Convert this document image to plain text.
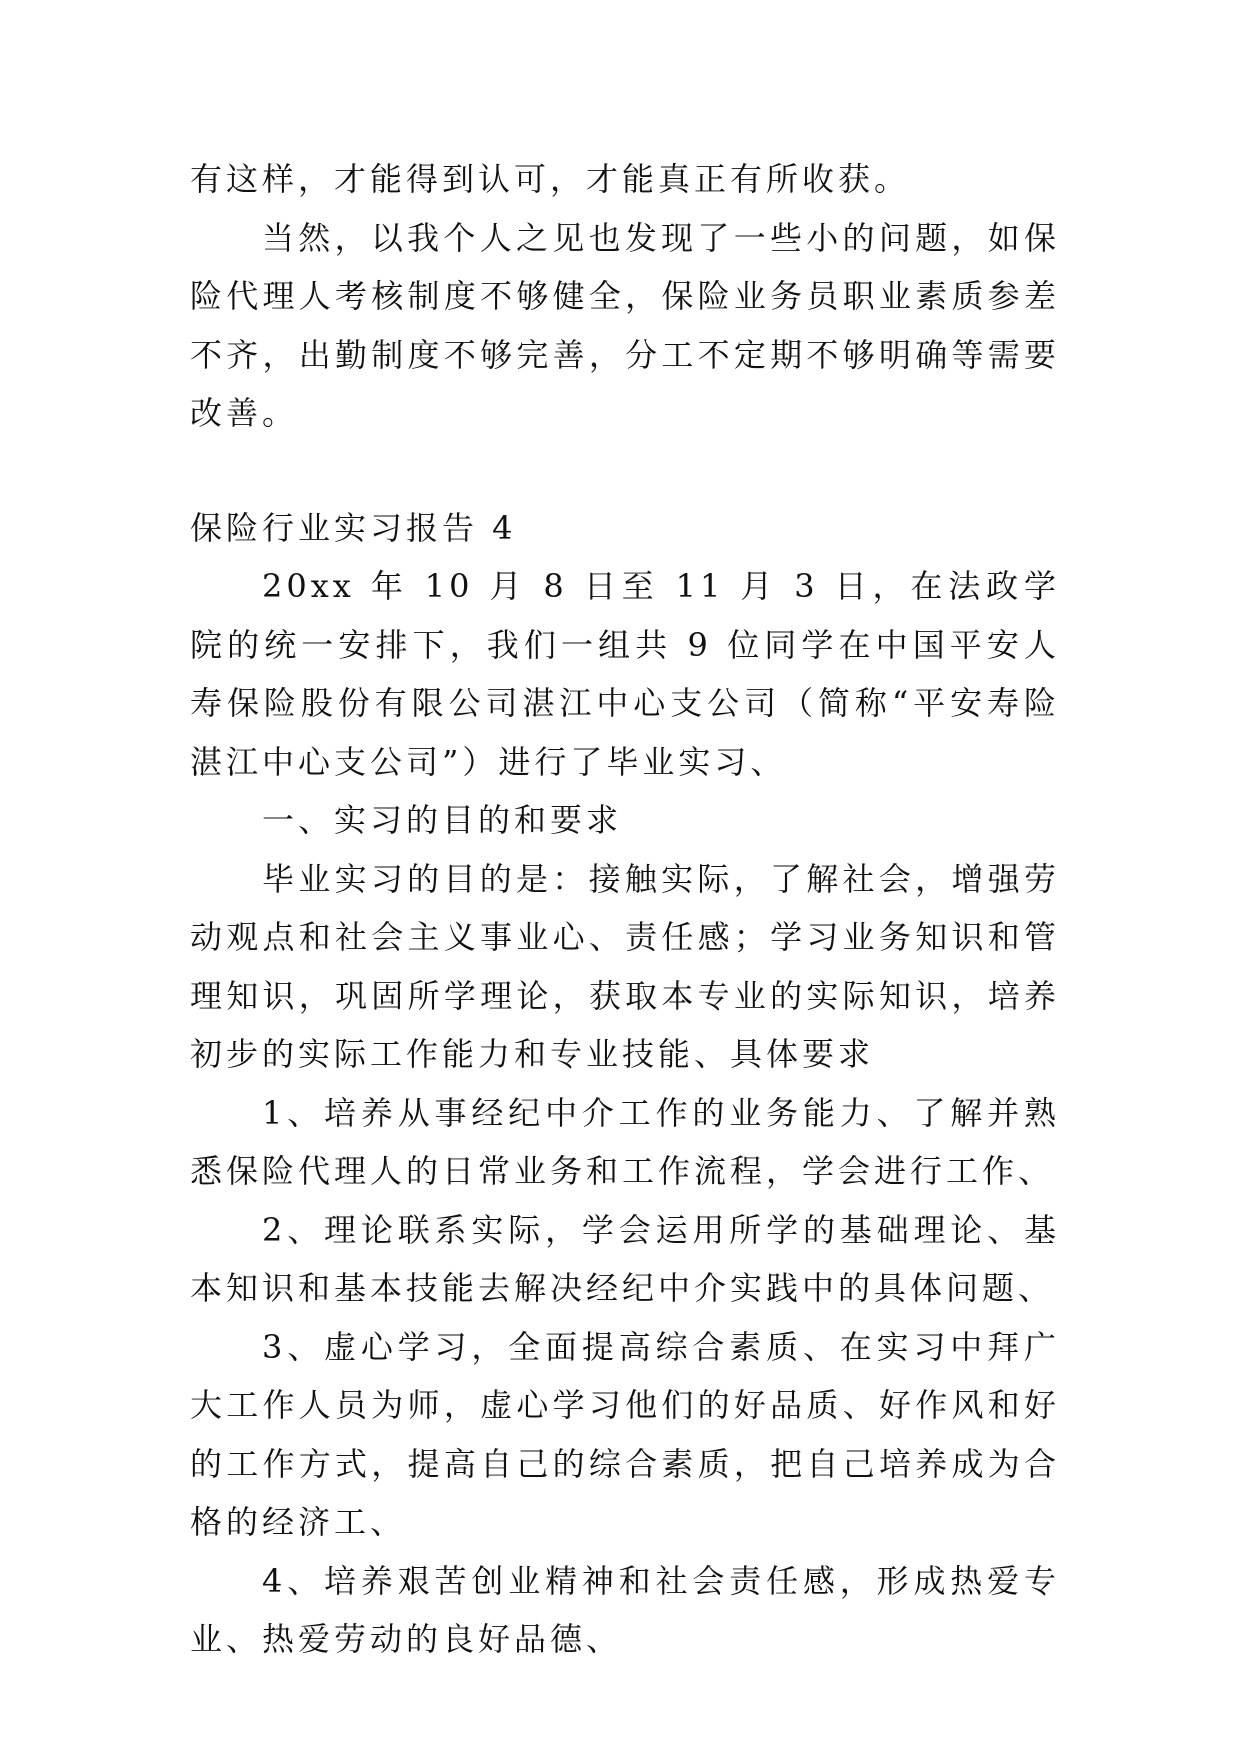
有这样，才能得到认可，才能真正有所收获。

当然，以我个人之见也发现了一些小的问题，如保险代理人考核制度不够健全，保险业务员职业素质参差不齐，出勤制度不够完善，分工不定期不够明确等需要改善。

保险行业实习报告 4

20xx 年 10 月 8 日至 11 月 3 日，在法政学院的统一安排下，我们一组共 9 位同学在中国平安人寿保险股份有限公司湛江中心支公司（简称“平安寿险湛江中心支公司”）进行了毕业实习、

一、实习的目的和要求

毕业实习的目的是：接触实际，了解社会，增强劳动观点和社会主义事业心、责任感；学习业务知识和管理知识，巩固所学理论，获取本专业的实际知识，培养初步的实际工作能力和专业技能、具体要求

1、培养从事经纪中介工作的业务能力、了解并熟悉保险代理人的日常业务和工作流程，学会进行工作、

2、理论联系实际，学会运用所学的基础理论、基本知识和基本技能去解决经纪中介实践中的具体问题、

3、虚心学习，全面提高综合素质、在实习中拜广大工作人员为师，虚心学习他们的好品质、好作风和好的工作方式，提高自己的综合素质，把自己培养成为合格的经济工、

4、培养艰苦创业精神和社会责任感，形成热爱专业、热爱劳动的良好品德、
